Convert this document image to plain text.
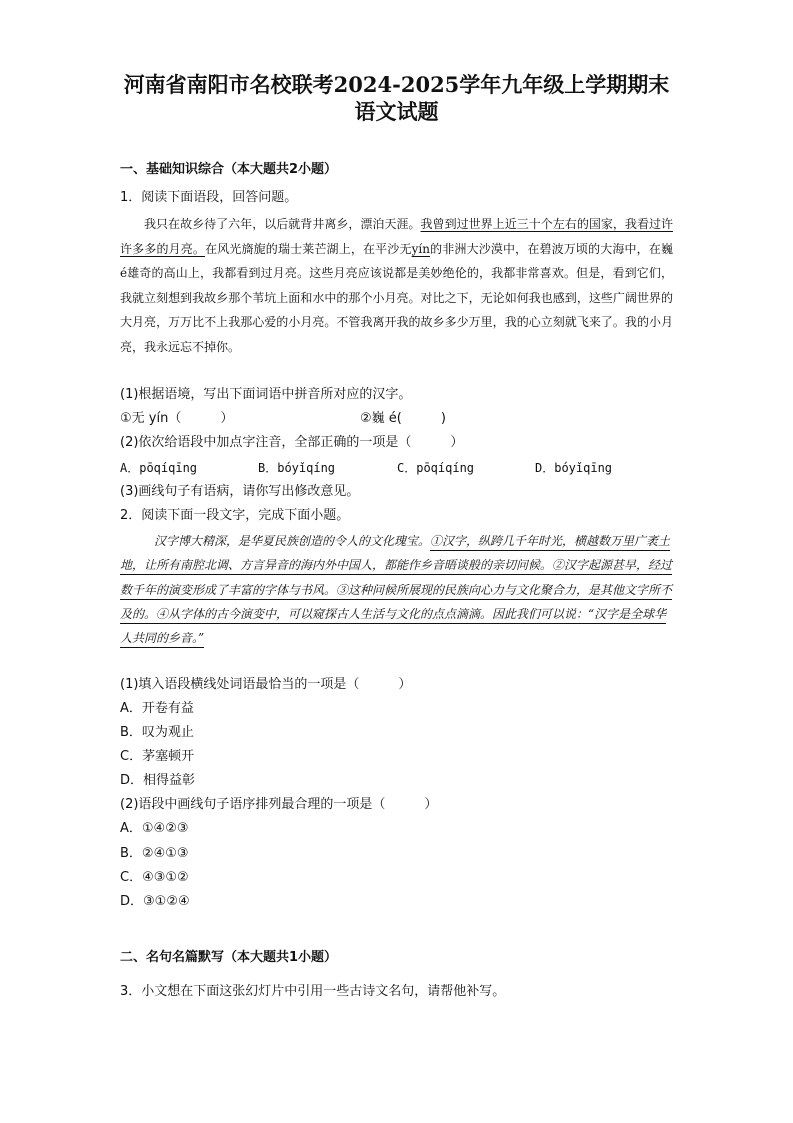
河南省南阳市名校联考2024-2025学年九年级上学期期末
语文试题
一、基础知识综合（本大题共2小题）
1．阅读下面语段，回答问题。

我只在故乡待了六年，以后就背井离乡，漂泊天涯。我曾到过世界上近三十个左右的国家，我看过许许多多的月亮。在风光旖旎的瑞士莱芒湖上，在平沙无yín的非洲大沙漠中，在碧波万顷的大海中，在巍é雄奇的高山上，我都看到过月亮。这些月亮应该说都是美妙绝伦的，我都非常喜欢。但是，看到它们，我就立刻想到我故乡那个苇坑上面和水中的那个小月亮。对比之下，无论如何我也感到，这些广阔世界的大月亮，万万比不上我那心爱的小月亮。不管我离开我的故乡多少万里，我的心立刻就飞来了。我的小月亮，我永远忘不掉你。

(1)根据语境，写出下面词语中拼音所对应的汉字。
①无 yín（　　　）	②巍 é(　　　)
(2)依次给语段中加点字注音，全部正确的一项是（　　　）
A．pōqíqīng	B．bóyǐqíng	C．pōqíqíng	D．bóyǐqīng
(3)画线句子有语病，请你写出修改意见。
2．阅读下面一段文字，完成下面小题。

汉字博大精深，是华夏民族创造的令人的文化瑰宝。①汉字，纵跨几千年时光，横越数万里广袤土地，让所有南腔北调、方言异音的海内外中国人，都能作乡音晤谈般的亲切问候。②汉字起源甚早，经过数千年的演变形成了丰富的字体与书风。③这种问候所展现的民族向心力与文化聚合力，是其他文字所不及的。④从字体的古今演变中，可以窥探古人生活与文化的点点滴滴。因此我们可以说：“汉字是全球华人共同的乡音。”

(1)填入语段横线处词语最恰当的一项是（　　　）
A．开卷有益
B．叹为观止
C．茅塞顿开
D．相得益彰
(2)语段中画线句子语序排列最合理的一项是（　　　）
A．①④②③
B．②④①③
C．④③①②
D．③①②④
二、名句名篇默写（本大题共1小题）
3．小文想在下面这张幻灯片中引用一些古诗文名句，请帮他补写。
